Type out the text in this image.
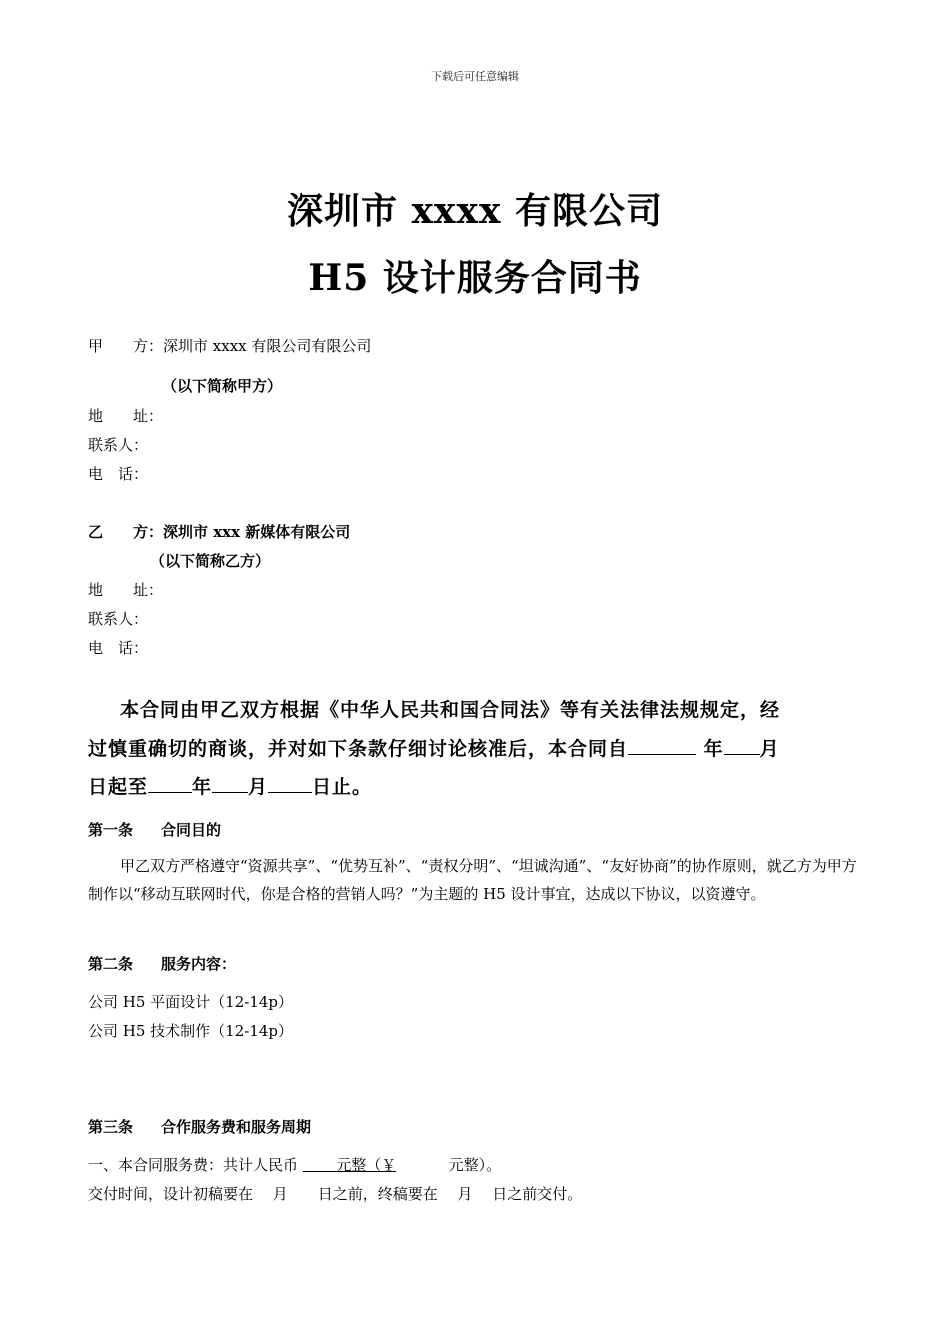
下载后可任意编辑
深圳市 xxxx 有限公司
H5 设计服务合同书
甲　　方：深圳市 xxxx 有限公司有限公司
（以下简称甲方）
地　　址：
联系人：
电　话：
乙　　方：深圳市 xxx 新媒体有限公司
（以下简称乙方）
地　　址：
联系人：
电　话：
本合同由甲乙双方根据《中华人民共和国合同法》等有关法律法规规定，经
过慎重确切的商谈，并对如下条款仔细讨论核准后，本合同自	年 月
日起至 年 月 日止。
第一条 合同目的
甲乙双方严格遵守“资源共享”、“优势互补”、“责权分明”、“坦诚沟通”、“友好协商”的协作原则，就乙方为甲方制作以“移动互联网时代，你是合格的营销人吗？”为主题的 H5 设计事宜，达成以下协议，以资遵守。
第二条 服务内容：
公司 H5 平面设计（12-14p）
公司 H5 技术制作（12-14p）
第三条 合作服务费和服务周期
一、本合同服务费：共计人民币	元整（￥	元整）。
交付时间，设计初稿要在　 月　　日之前，终稿要在　 月　 日之前交付。
